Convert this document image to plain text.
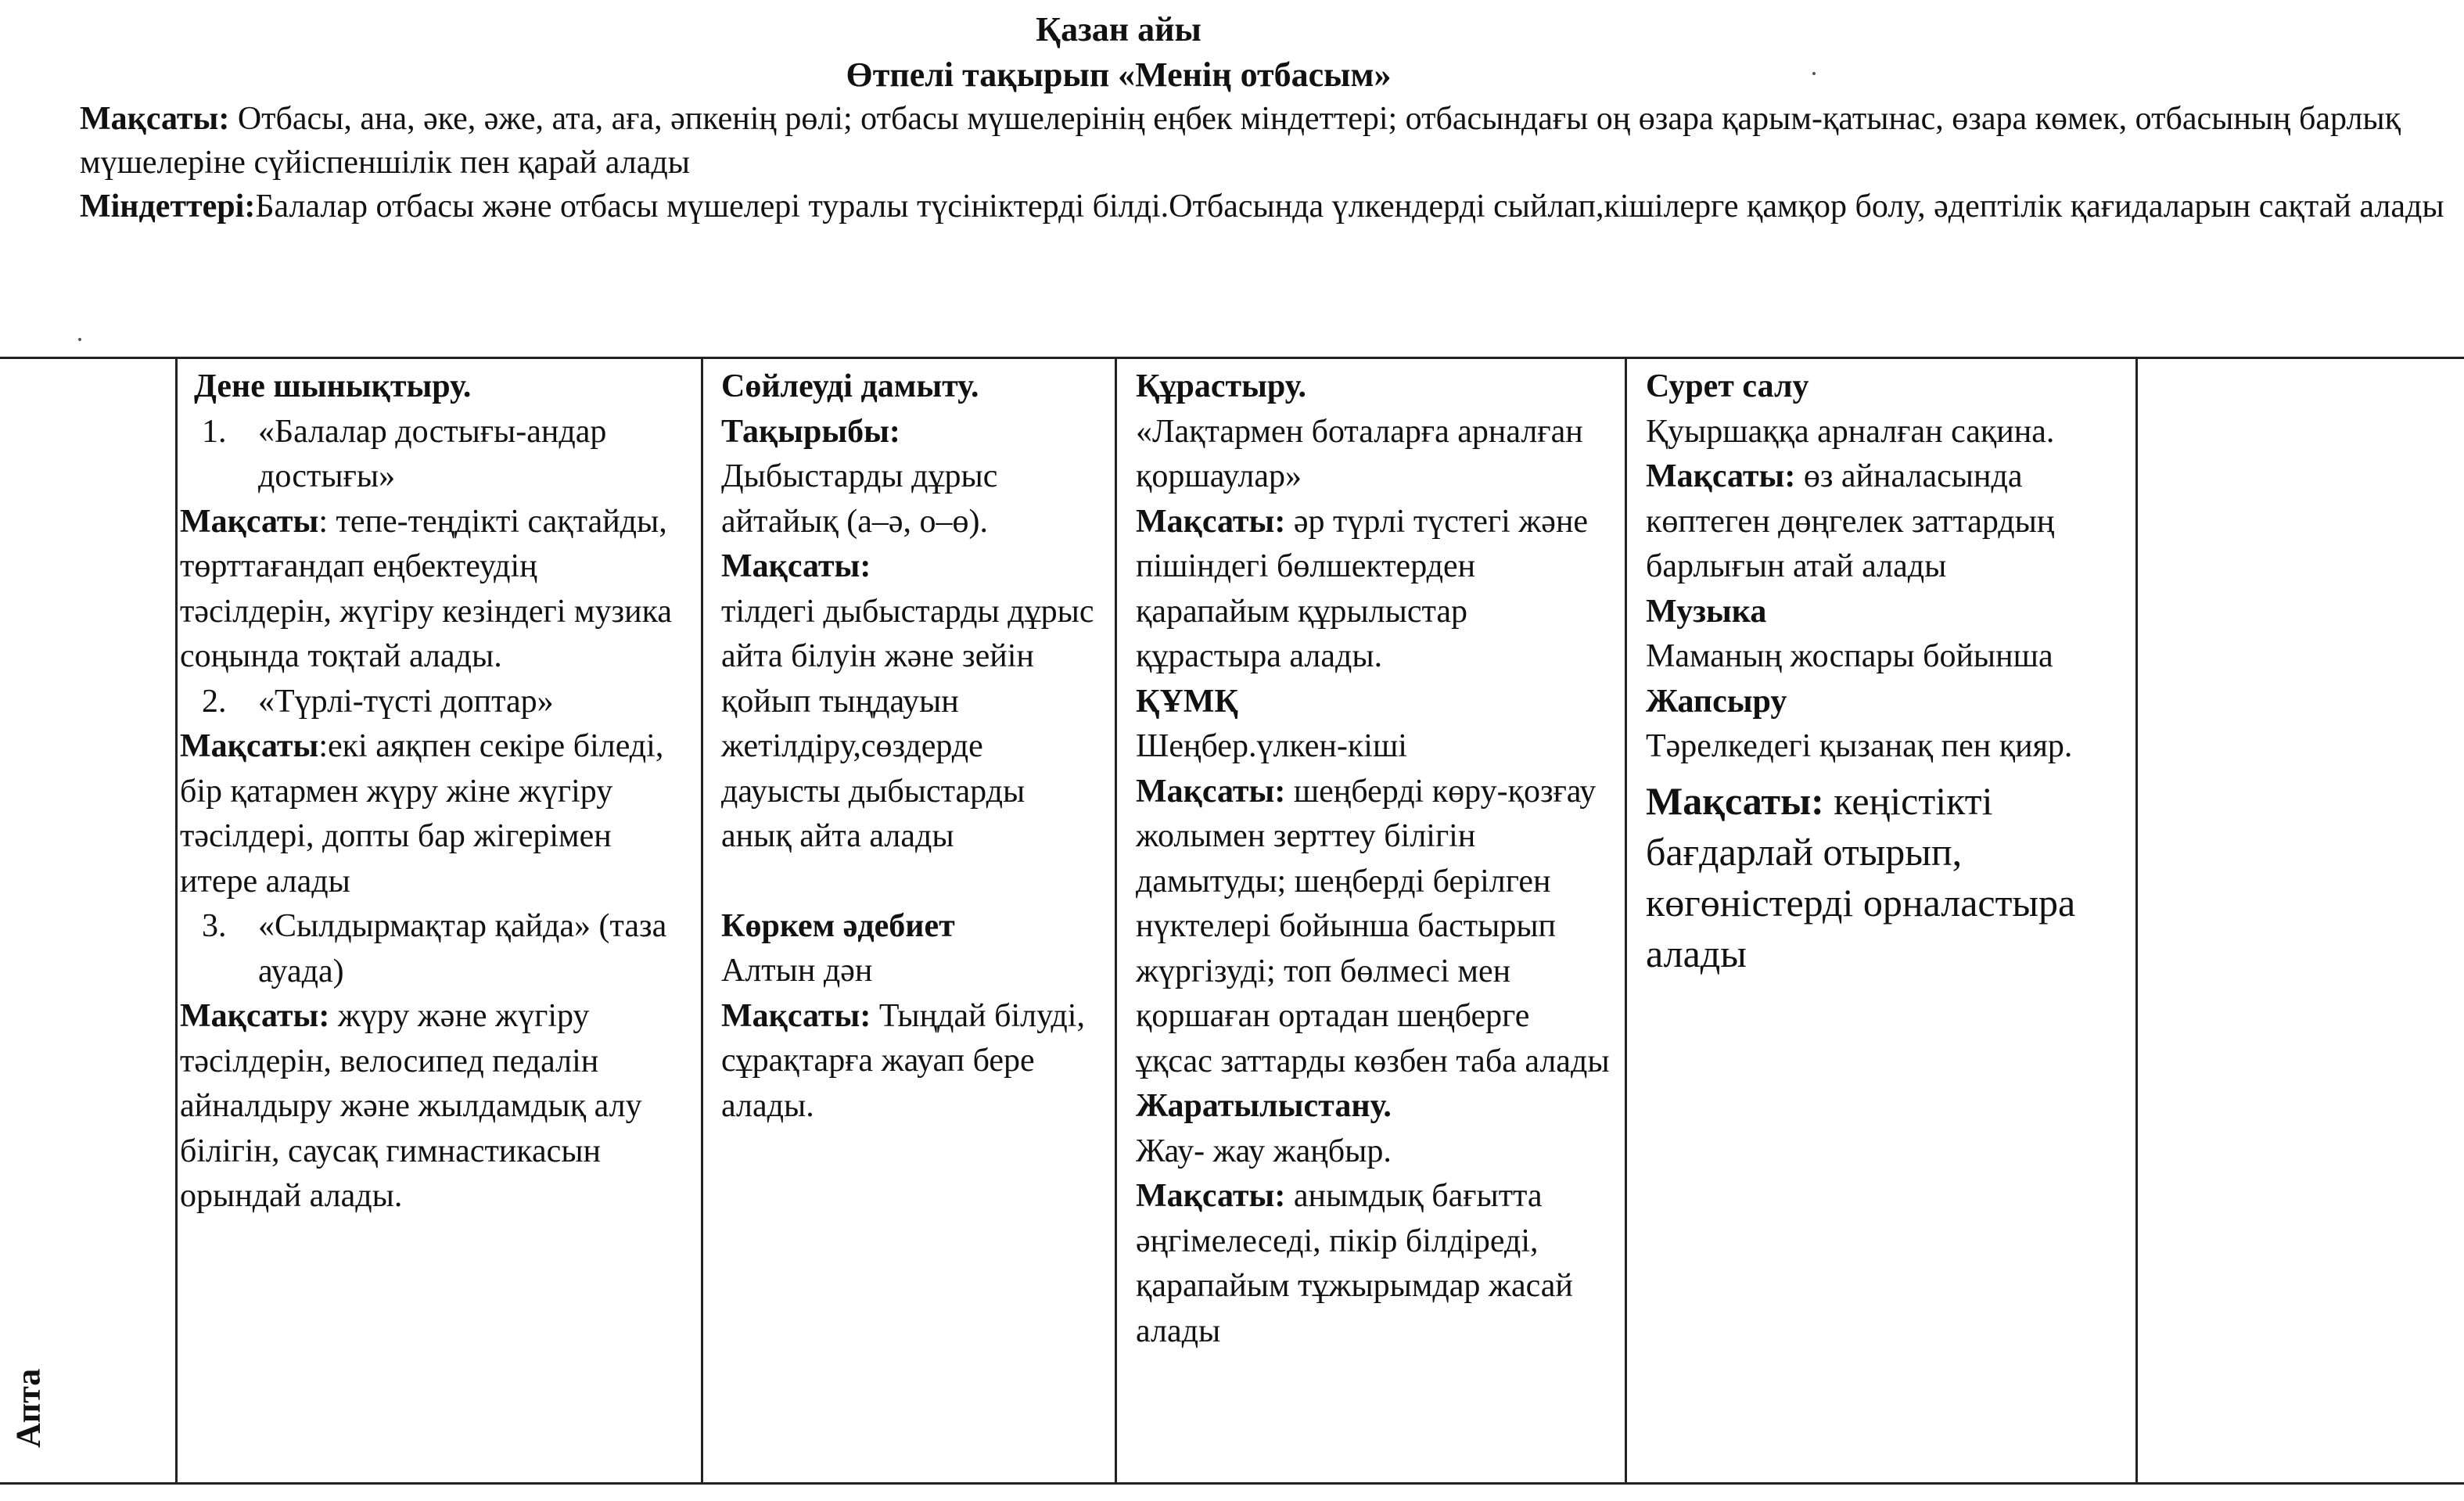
Қазан айы
Өтпелі тақырып «Менің отбасым»
Мақсаты: Отбасы, ана, әке, әже, ата, аға, әпкенің рөлі; отбасы мүшелерінің еңбек міндеттері; отбасындағы оң өзара қарым-қатынас, өзара көмек, отбасының барлық мүшелеріне сүйіспеншілік пен қарай алады
Міндеттері:Балалар отбасы және отбасы мүшелері туралы түсініктерді білді.Отбасында үлкендерді сыйлап,кішілерге қамқор болу, әдептілік қағидаларын сақтай алады
Апта
Дене шынықтыру.
1. «Балалар достығы-андар достығы»
Мақсаты: тепе-теңдікті сақтайды, төрттағандап еңбектеудің тәсілдерін, жүгіру кезіндегі музика соңында тоқтай алады.
2. «Түрлі-түсті доптар»
Мақсаты:екі аяқпен секіре біледі, бір қатармен жүру жіне жүгіру тәсілдері, допты бар жігерімен итере алады
3. «Сылдырмақтар қайда» (таза ауада)
Мақсаты: жүру және жүгіру тәсілдерін, велосипед педалін айналдыру және жылдамдық алу білігін, саусақ гимнастикасын орындай алады.
Сөйлеуді дамыту.
Тақырыбы:
Дыбыстарды дұрыс айтайық (а–ә, о–ө).
Мақсаты:
тілдегі дыбыстарды дұрыс айта білуін және зейін қойып тыңдауын жетілдіру,сөздерде дауысты дыбыстарды анық айта алады
Көркем әдебиет
Алтын дән
Мақсаты: Тыңдай білуді, сұрақтарға жауап бере алады.
Құрастыру.
«Лақтармен боталарға арналған қоршаулар»
Мақсаты: әр түрлі түстегі және пішіндегі бөлшектерден қарапайым құрылыстар құрастыра алады.
ҚҰМҚ
Шеңбер.үлкен-кіші
Мақсаты: шеңберді көру-қозғау жолымен зерттеу білігін дамытуды; шеңберді берілген нүктелері бойынша бастырып жүргізуді; топ бөлмесі мен қоршаған ортадан шеңберге ұқсас заттарды көзбен таба алады
Жаратылыстану.
Жау- жау жаңбыр.
Мақсаты: анымдық бағытта әңгімелеседі, пікір білдіреді, қарапайым тұжырымдар жасай алады
Сурет салу
Қуыршаққа арналған сақина.
Мақсаты: өз айналасында көптеген дөңгелек заттардың барлығын атай алады
Музыка
Маманың жоспары бойынша
Жапсыру
Тәрелкедегі қызанақ пен қияр.
Мақсаты: кеңістікті бағдарлай отырып, көгөністерді орналастыра алады
